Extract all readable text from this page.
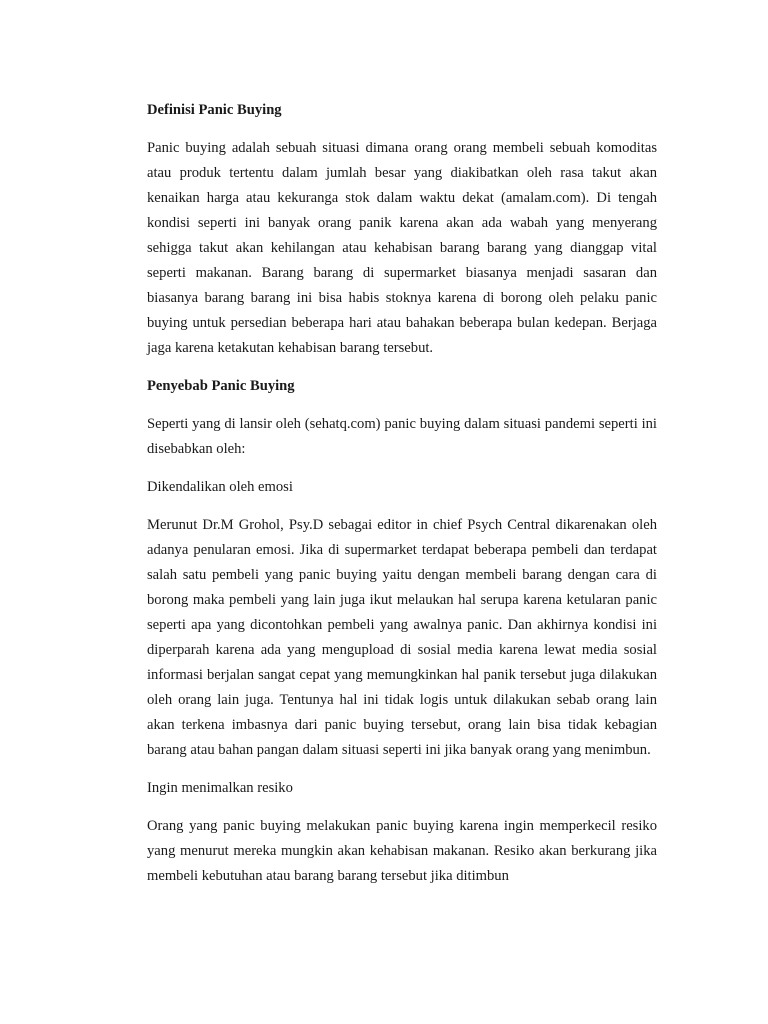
Definisi Panic Buying
Panic buying adalah sebuah situasi dimana orang orang membeli sebuah komoditas atau produk tertentu dalam jumlah besar yang diakibatkan oleh rasa takut akan kenaikan harga atau kekuranga stok dalam waktu dekat (amalam.com). Di tengah kondisi seperti ini banyak orang panik karena akan ada wabah yang menyerang sehigga takut akan kehilangan atau kehabisan barang barang yang dianggap vital seperti makanan. Barang barang di supermarket biasanya menjadi sasaran dan biasanya barang barang ini bisa habis stoknya karena di borong oleh pelaku panic buying untuk persedian beberapa hari atau bahakan beberapa bulan kedepan. Berjaga jaga karena ketakutan kehabisan barang tersebut.
Penyebab Panic Buying
Seperti yang di lansir oleh (sehatq.com) panic buying dalam situasi pandemi seperti ini disebabkan oleh:
Dikendalikan oleh emosi
Merunut Dr.M Grohol, Psy.D sebagai editor in chief Psych Central dikarenakan oleh adanya penularan emosi. Jika di supermarket terdapat beberapa pembeli dan terdapat salah satu pembeli yang panic buying yaitu dengan membeli barang dengan cara di borong maka pembeli yang lain juga ikut melaukan hal serupa karena ketularan panic seperti apa yang dicontohkan pembeli yang awalnya panic. Dan akhirnya kondisi ini diperparah karena ada yang mengupload di sosial media karena lewat media sosial informasi berjalan sangat cepat yang memungkinkan hal panik tersebut juga dilakukan oleh orang lain juga. Tentunya hal ini tidak logis untuk dilakukan sebab orang lain akan terkena imbasnya dari panic buying tersebut, orang lain bisa tidak kebagian barang atau bahan pangan dalam situasi seperti ini jika banyak orang yang menimbun.
Ingin menimalkan resiko
Orang yang panic buying melakukan panic buying karena ingin memperkecil resiko yang menurut mereka mungkin akan kehabisan makanan. Resiko akan berkurang jika membeli kebutuhan atau barang barang tersebut jika ditimbun
